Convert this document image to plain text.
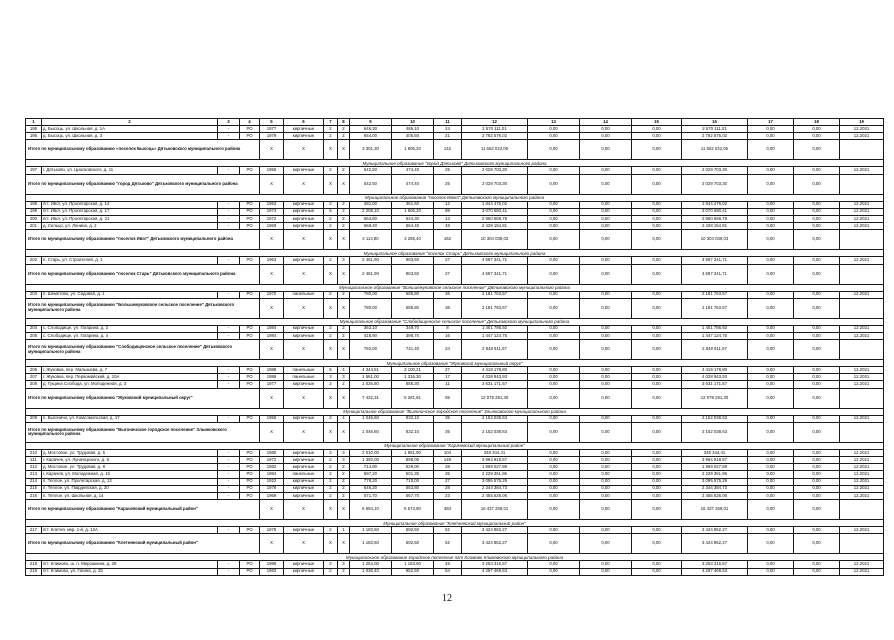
1	2	3	4	5	6	7	8	9	10	11	12	13	14	15	16	17	18	19
195	д. Бысоць, ул. Школьная, д. 1А	-	РО	1977	кирпичные	2	2	646,30	486,10	24	2 570 111,01	0,00	0,00	0,00	2 570 111,01	0,00	0,00	12.2021
196	д. Бысоць, ул. Школьная, д. 3	-	РО	1979	кирпичные	2	2	654,00	405,50	21	2 782 576,02	0,00	0,00	0,00	2 782 576,02	0,00	0,00	12.2021
Итого по муниципальному образованию «поселок Бысоць» Дятьковского муниципального района				Х	Х	Х	Х	3 301,30	1 805,20	142	11 662 022,05	0,00	0,00	0,00	11 662 022,05	0,00	0,00	
Муниципальное образование "город Дятьково" Дятьковского муниципального района																		
197	г. Дятьково, ул. Циолковского, д. 11	-	РО	1955	кирпичные	2	2	542,50	474,40	25	2 029 703,30	0,00	0,00	0,00	2 029 703,30	0,00	0,00	12.2021
Итого по муниципальному образованию "город Дятьково" Дятьковского муниципального района				Х	Х	Х	Х	542,50	474,40	25	2 029 703,30	0,00	0,00	0,00	2 029 703,30	0,00	0,00	
Муниципальное образование "поселок Ивот" Дятьковского муниципального района																		
198	пгт. Ивот, ул. Пролетарская, д. 14	-	РО	1953	кирпичные	2	2	481,00	361,60	12	1 844 476,02	0,00	0,00	0,00	1 844 476,02	0,00	0,00	12.2021
199	пгт. Ивот, ул. Пролетарская, д. 17	-	РО	1973	кирпичные	5	2	2 208,10	1 605,20	89	3 070 680,41	0,00	0,00	0,00	3 070 680,41	0,00	0,00	12.2021
200	пгт. Ивот, ул. Пролетарская, д. 21	-	РО	1972	кирпичные	2	2	664,80	644,30	13	2 960 669,78	0,00	0,00	0,00	2 960 669,78	0,00	0,00	12.2021
201	д. Сельцо, ул. Ленина, д. 2	-	РО	1969	кирпичные	2	2	668,40	564,40	48	2 428 154,81	0,00	0,00	0,00	2 428 154,81	0,00	0,00	12.2021
Итого по муниципальному образованию "поселок Ивот" Дятьковского муниципального района				Х	Х	Х	Х	4 114,80	3 265,40	162	10 304 039,03	0,00	0,00	0,00	10 304 039,03	0,00	0,00	
Муниципальное образование "поселок Старь" Дятьковского муниципального района																		
202	п. Старь, ул. Строителей, д. 1	-	РО	1963	кирпичные	2	3	2 461,90	963,60	27	4 597 341,71	0,00	0,00	0,00	4 597 341,71	0,00	0,00	12.2021
Итого по муниципальному образованию "поселок Старь" Дятьковского муниципального района				Х	Х	Х	Х	2 461,90	963,60	27	4 597 341,71	0,00	0,00	0,00	4 597 341,71	0,00	0,00	
Муниципальное образование "Большежуковское сельское поселение" Дятьковского муниципального района																		
203	п. Шеметово, ул. Садовая, д. 1	-	РО	1970	панельные	2	2	780,00	685,80	36	2 181 763,57	0,00	0,00	0,00	2 181 763,57	0,00	0,00	12.2021
Итого по муниципальному образованию "Большежуковское сельское поселение" Дятьковского муниципального района				Х	Х	Х	Х	780,00	685,80	36	2 181 763,57	0,00	0,00	0,00	2 181 763,57	0,00	0,00	
Муниципальное образование "Слободищенское сельское поселение" Дятьковского муниципального района																		
204	с. Слободище, ул. Гагарина, д. 2	-	РО	1984	кирпичные	2	2	363,10	349,70	8	1 401 786,92	0,00	0,00	0,00	1 401 786,92	0,00	0,00	12.2021
205	с. Слободище, ул. Гагарина, д. 4	-	РО	1984	кирпичные	2	2	418,90	398,70	16	1 447 124,75	0,00	0,00	0,00	1 447 124,75	0,00	0,00	12.2021
Итого по муниципальному образованию "Слободищенское сельское поселение" Дятьковского муниципального района				Х	Х	Х	Х	782,00	741,40	24	2 848 911,67	0,00	0,00	0,00	2 848 911,67	0,00	0,00	
Муниципальное образование "Жуковский муниципальный округ"																		
206	г. Жуковка, пер. Малышева, д. 7	-	РО	1988	панельные	5	4	4 344,51	3 100,21	27	4 419 178,80	0,00	0,00	0,00	4 419 178,80	0,00	0,00	12.2021
207	г. Жуковка, пер. Первомайский, д. 10А	-	РО	1986	панельные	3	3	1 561,00	1 316,30	17	4 028 943,93	0,00	0,00	0,00	4 028 943,93	0,00	0,00	12.2021
208	д. Гущина Слобода, ул. Молодежная, д. 3	-	РО	1977	кирпичные	2	2	1 026,80	885,30	11	3 631 171,57	0,00	0,00	0,00	3 631 171,57	0,00	0,00	12.2021
Итого по муниципальному образованию "Жуковский муниципальный округ"				Х	Х	Х	Х	7 432,31	5 281,81	55	12 079 291,30	0,00	0,00	0,00	12 079 291,30	0,00	0,00	
Муниципальное образование "Выгоничское городское поселение" Злынковского муниципального района																		
209	п. Выгоничи, ул. Комсомольская, д. 17	-	РО	1955	кирпичные	3	4	1 046,60	832,10	35	2 152 038,63	0,00	0,00	0,00	2 152 038,63	0,00	0,00	12.2021
Итого по муниципальному образованию "Выгоничское городское поселение" Злынковского муниципального района				Х	Х	Х	Х	1 046,60	832,10	35	2 152 038,63	0,00	0,00	0,00	2 152 038,63	0,00	0,00	
Муниципальное образование "Карачевский муниципальный район"																		
210	д. Мостовое, ул. Трудовая, д. 5	-	РО	1980	кирпичные	3	3	2 010,00	1 851,90	104	348 344,41	0,00	0,00	0,00	348 344,41	0,00	0,00	12.2021
211	г. Карачев, ул. Луначарского, д. 6	-	РО	1972	кирпичные	2	3	1 392,00	898,00	149	3 994 919,57	0,00	0,00	0,00	3 994 919,57	0,00	0,00	12.2021
212	д. Мостовое, ул. Трудовая, д. 8	-	РО	1982	кирпичные	2	2	714,80	529,00	28	1 969 027,89	0,00	0,00	0,00	1 969 027,89	0,00	0,00	12.2021
213	г. Карачев, ул. Молодежная, д. 15	-	РО	1984	панельные	2	2	597,20	501,30	35	2 229 361,96	0,00	0,00	0,00	2 229 361,96	0,00	0,00	12.2021
214	п. Теплое, ул. Пролетарская, д. 13	-	РО	1922	кирпичные	2	2	778,20	710,00	27	3 095 575,29	0,00	0,00	0,00	3 095 575,29	0,00	0,00	12.2021
215	п. Теплое, ул. Гвардейская, д. 20	-	РО	1978	кирпичные	2	2	646,20	553,80	28	2 344 384,73	0,00	0,00	0,00	2 344 384,73	0,00	0,00	12.2021
216	п. Теплое, ул. Школьная, д. 14	-	РО	1969	кирпичные	2	2	571,70	567,70	23	2 455 626,06	0,00	0,00	0,00	2 455 626,06	0,00	0,00	12.2021
Итого по муниципальному образованию "Карачевский муниципальный район"				Х	Х	Х	Х	6 694,10	5 573,80	384	16 437 259,01	0,00	0,00	0,00	16 437 259,01	0,00	0,00	
Муниципальное образование "Клетнянский муниципальный район"																		
217	пгт. Клетня, мкр. 1-й, д. 12А	-	РО	1978	кирпичные	2	1	1 183,60	592,50	52	3 424 862,27	0,00	0,00	0,00	3 424 862,27	0,00	0,00	12.2021
Итого по муниципальному образованию "Клетнянский муниципальный район"				Х	Х	Х	Х	1 183,60	592,50	52	3 424 862,27	0,00	0,00	0,00	3 424 862,27	0,00	0,00	
Муниципальное образование городское поселение пгт Климово Климовского муниципального района																		
218	пгт. Климово, ш. п. Мирошкина, д. 28	-	РО	1989	кирпичные	3	3	1 254,00	1 153,60	45	3 253 316,57	0,00	0,00	0,00	3 253 316,57	0,00	0,00	12.2021
219	пгт. Климово, ул. Гагина, д. 25	-	РО	1983	кирпичные	2	2	1 036,40	952,60	54	4 297 469,53	0,00	0,00	0,00	4 297 469,53	0,00	0,00	12.2021
12
